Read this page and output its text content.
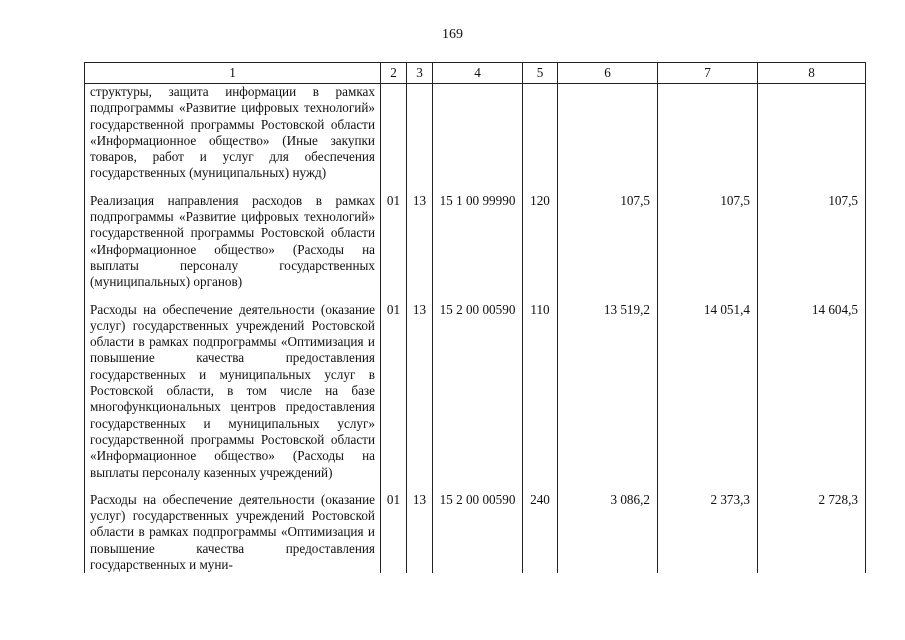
169
1	2	3	4	5	6	7	8
структуры, защита информации в рамках подпрограммы «Развитие цифровых технологий» государственной программы Ростовской области «Информационное общество» (Иные закупки товаров, работ и услуг для обеспечения государственных (муниципальных) нужд)							
Реализация направления расходов в рамках подпрограммы «Развитие цифровых технологий» государственной программы Ростовской области «Информационное общество» (Расходы на выплаты персоналу государственных (муниципальных) органов)	01	13	15 1 00 99990	120	107,5	107,5	107,5
Расходы на обеспечение деятельности (оказание услуг) государственных учреждений Ростовской области в рамках подпрограммы «Оптимизация и повышение качества предоставления государственных и муниципальных услуг в Ростовской области, в том числе на базе многофункциональных центров предоставления государственных и муниципальных услуг» государственной программы Ростовской области «Информационное общество» (Расходы на выплаты персоналу казенных учреждений)	01	13	15 2 00 00590	110	13 519,2	14 051,4	14 604,5
Расходы на обеспечение деятельности (оказание услуг) государственных учреждений Ростовской области в рамках подпрограммы «Оптимизация и повышение качества предоставления государственных и муни-	01	13	15 2 00 00590	240	3 086,2	2 373,3	2 728,3
